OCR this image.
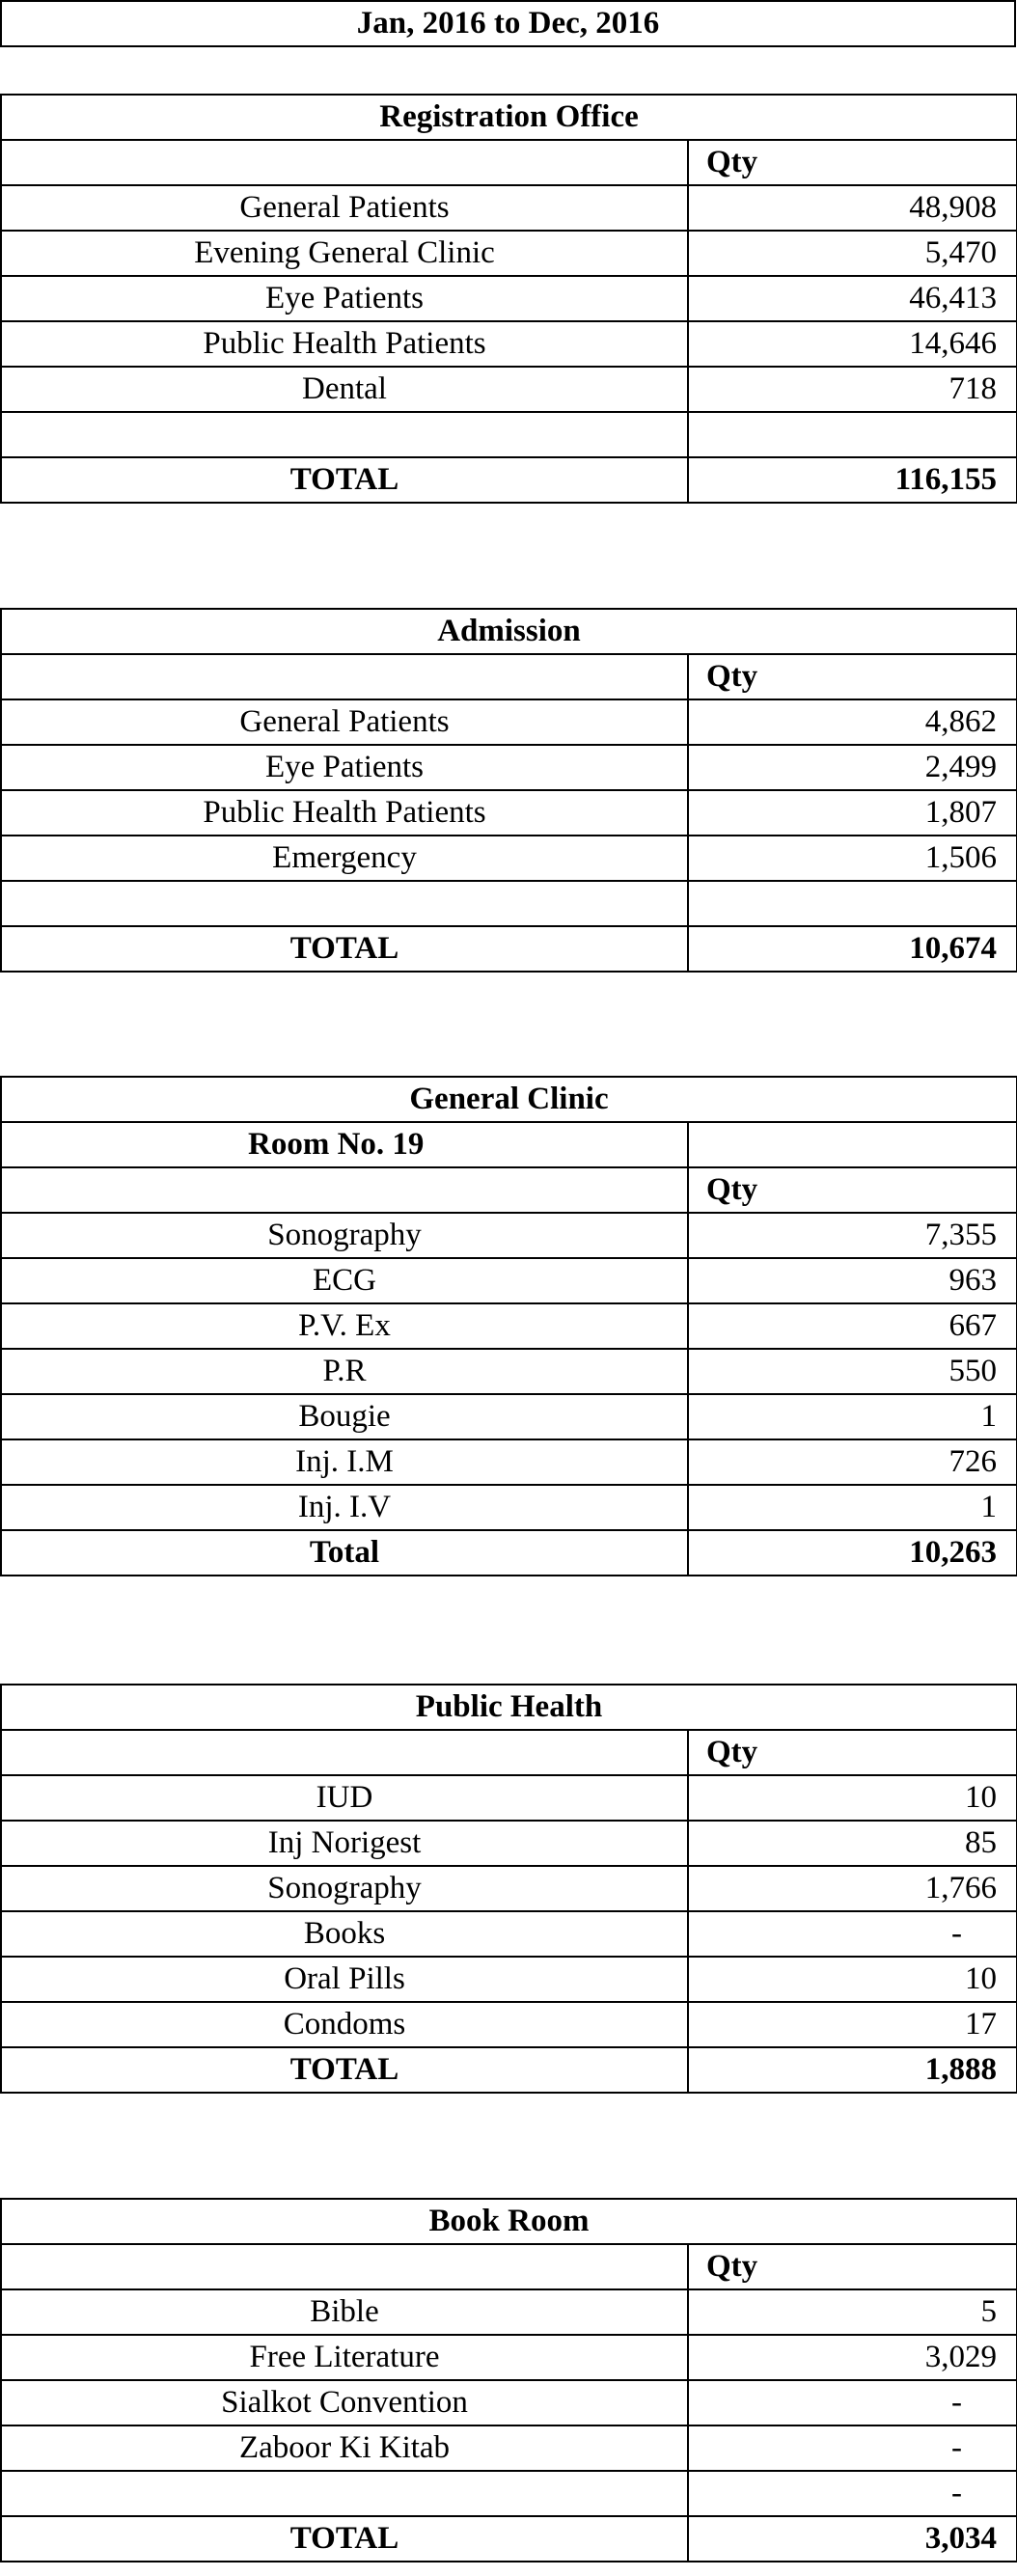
Jan, 2016 to Dec, 2016
Registration Office	
	Qty
General Patients	48,908
Evening General Clinic	5,470
Eye Patients	46,413
Public Health Patients	14,646
Dental	718

TOTAL	116,155
Admission	
	Qty
General Patients	4,862
Eye Patients	2,499
Public Health Patients	1,807
Emergency	1,506

TOTAL	10,674
General Clinic	
Room No. 19	
	Qty
Sonography	7,355
ECG	963
P.V. Ex	667
P.R	550
Bougie	1
Inj. I.M	726
Inj. I.V	1
Total	10,263
Public Health	
	Qty
IUD	10
Inj Norigest	85
Sonography	1,766
Books	-
Oral Pills	10
Condoms	17
TOTAL	1,888
Book Room	
	Qty
Bible	5
Free Literature	3,029
Sialkot Convention	-
Zaboor Ki Kitab	-
	-
TOTAL	3,034
